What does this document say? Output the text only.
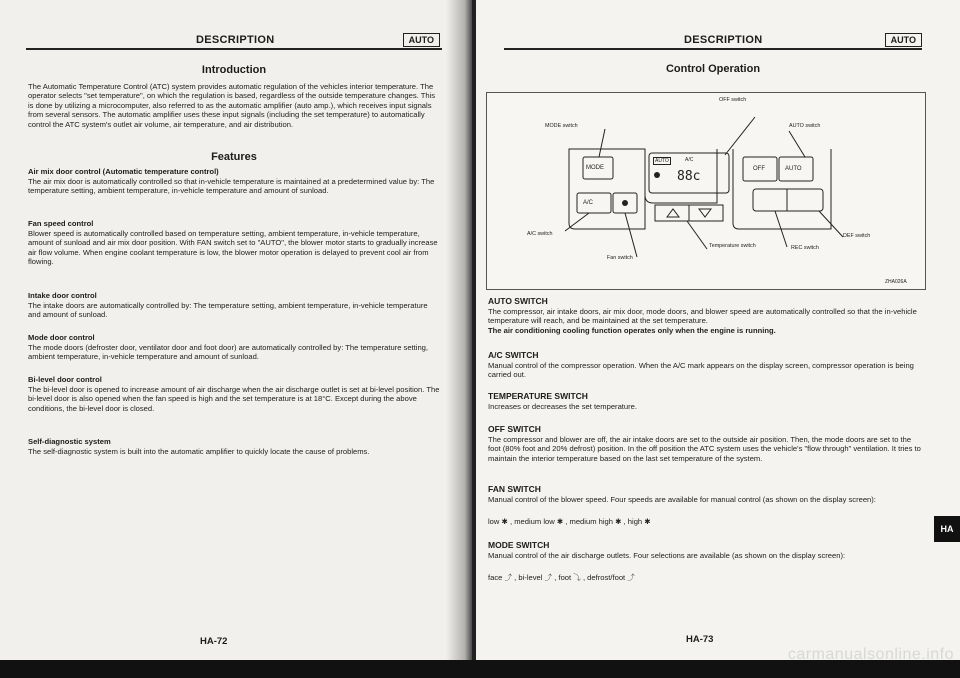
DESCRIPTION	AUTO
Introduction
The Automatic Temperature Control (ATC) system provides automatic regulation of the vehicles interior temperature. The operator selects "set temperature", on which the regulation is based, regardless of the outside temperature changes. This is done by utilizing a microcomputer, also referred to as the automatic amplifier (auto amp.), which receives input signals from several sensors. The automatic amplifier uses these input signals (including the set temperature) to automatically control the ATC system's outlet air volume, air temperature, and air distribution.
Features
Air mix door control (Automatic temperature control)
The air mix door is automatically controlled so that in-vehicle temperature is maintained at a predetermined value by: The temperature setting, ambient temperature, in-vehicle temperature and amount of sunload.
Fan speed control
Blower speed is automatically controlled based on temperature setting, ambient temperature, in-vehicle temperature, amount of sunload and air mix door position. With FAN switch set to "AUTO", the blower motor starts to gradually increase air flow volume. When engine coolant temperature is low, the blower motor operation is delayed to prevent cool air from flowing.
Intake door control
The intake doors are automatically controlled by: The temperature setting, ambient temperature, in-vehicle temperature and amount of sunload.
Mode door control
The mode doors (defroster door, ventilator door and foot door) are automatically controlled by: The temperature setting, ambient temperature, in-vehicle temperature and amount of sunload.
Bi-level door control
The bi-level door is opened to increase amount of air discharge when the air discharge outlet is set at bi-level position. The bi-level door is also opened when the fan speed is high and the set temperature is at 18°C. Except during the above conditions, the bi-level door is closed.
Self-diagnostic system
The self-diagnostic system is built into the automatic amplifier to quickly locate the cause of problems.
HA-72
DESCRIPTION	AUTO
Control Operation
OFF switch
MODE switch	AUTO switch
A/C switch
Temperature switch
Fan switch
DEF switch
REC switch
ZHA026A
MODE
A/C
OFF	AUTO
AUTO	A/C
88c
AUTO SWITCH
The compressor, air intake doors, air mix door, mode doors, and blower speed are automatically controlled so that the in-vehicle temperature will reach, and be maintained at the set temperature.
The air conditioning cooling function operates only when the engine is running.
A/C SWITCH
Manual control of the compressor operation. When the A/C mark appears on the display screen, compressor operation is being carried out.
TEMPERATURE SWITCH
Increases or decreases the set temperature.
OFF SWITCH
The compressor and blower are off, the air intake doors are set to the outside air position. Then, the mode doors are set to the foot (80% foot and 20% defrost) position. In the off position the ATC system uses the vehicle's "flow through" ventilation. It tries to maintain the interior temperature based on the last set temperature of the system.
FAN SWITCH
Manual control of the blower speed. Four speeds are available for manual control (as shown on the display screen):
low ✱ , medium low ✱ , medium high ✱ , high ✱
MODE SWITCH
Manual control of the air discharge outlets. Four selections are available (as shown on the display screen):
face ⤴ , bi-level ⤴ , foot ⤵ , defrost/foot ⤴
HA-73
HA
carmanualsonline.info
